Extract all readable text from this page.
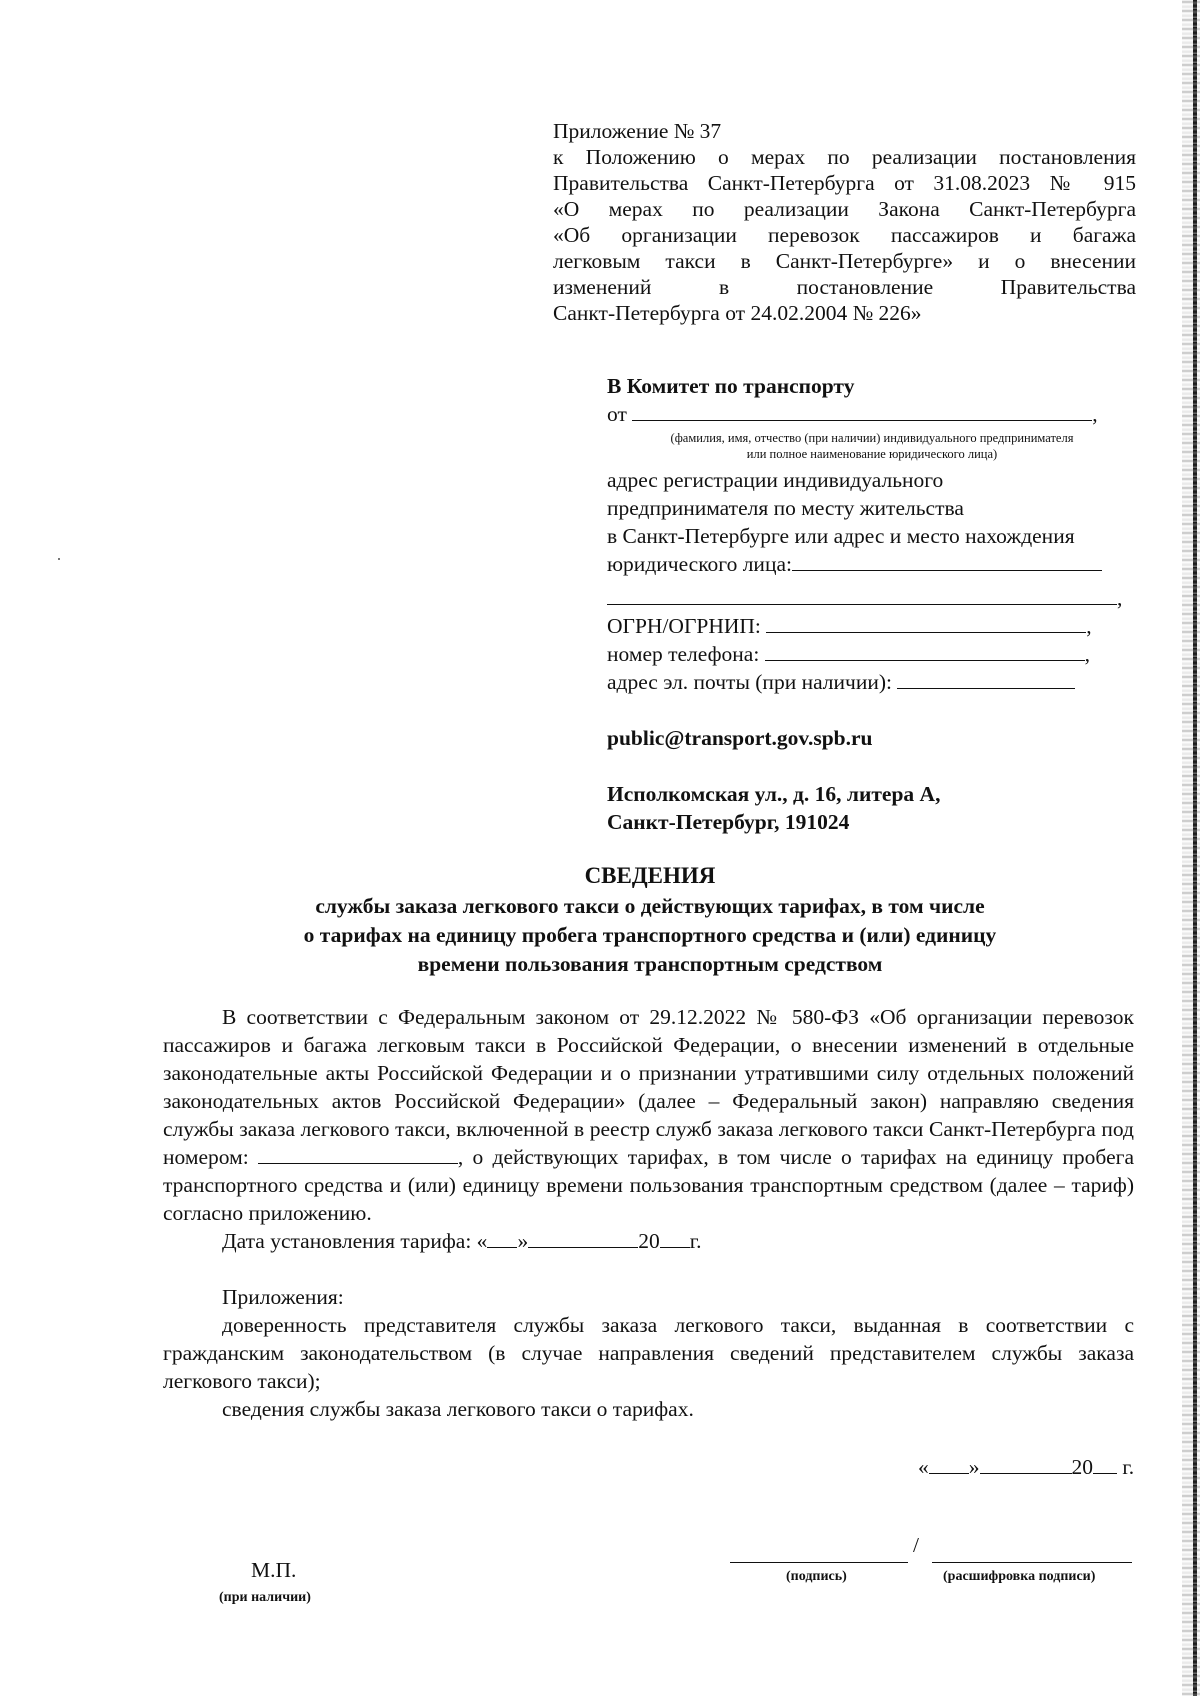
Приложение № 37
к Положению о мерах по реализации постановления
Правительства Санкт-Петербурга от 31.08.2023 № 915
«О мерах по реализации Закона Санкт-Петербурга
«Об организации перевозок пассажиров и багажа
легковым такси в Санкт-Петербурге» и о внесении
изменений в постановление Правительства
Санкт-Петербурга от 24.02.2004 № 226»
В Комитет по транспорту
от	,
(фамилия, имя, отчество (при наличии) индивидуального предпринимателя
или полное наименование юридического лица)
адрес регистрации индивидуального
предпринимателя по месту жительства
в Санкт-Петербурге или адрес и место нахождения
юридического лица:
,
ОГРН/ОГРНИП:	,
номер телефона:	,
адрес эл. почты (при наличии):
public@transport.gov.spb.ru
Исполкомская ул., д. 16, литера А,
Санкт-Петербург, 191024
СВЕДЕНИЯ
службы заказа легкового такси о действующих тарифах, в том числе
о тарифах на единицу пробега транспортного средства и (или) единицу
времени пользования транспортным средством

В соответствии с Федеральным законом от 29.12.2022 № 580-ФЗ «Об организации перевозок пассажиров и багажа легковым такси в Российской Федерации, о внесении изменений в отдельные законодательные акты Российской Федерации и о признании утратившими силу отдельных положений законодательных актов Российской Федерации» (далее – Федеральный закон) направляю сведения службы заказа легкового такси, включенной в реестр служб заказа легкового такси Санкт-Петербурга под номером:	, о действующих тарифах, в том числе о тарифах на единицу пробега транспортного средства и (или) единицу времени пользования транспортным средством (далее – тариф) согласно приложению.

Дата установления тарифа: « »	20 г.

Приложения:

доверенность представителя службы заказа легкового такси, выданная в соответствии с гражданским законодательством (в случае направления сведений представителем службы заказа легкового такси);

сведения службы заказа легкового такси о тарифах.

« »	20 г.
/
(подпись)	(расшифровка подписи)
М.П.
(при наличии)
